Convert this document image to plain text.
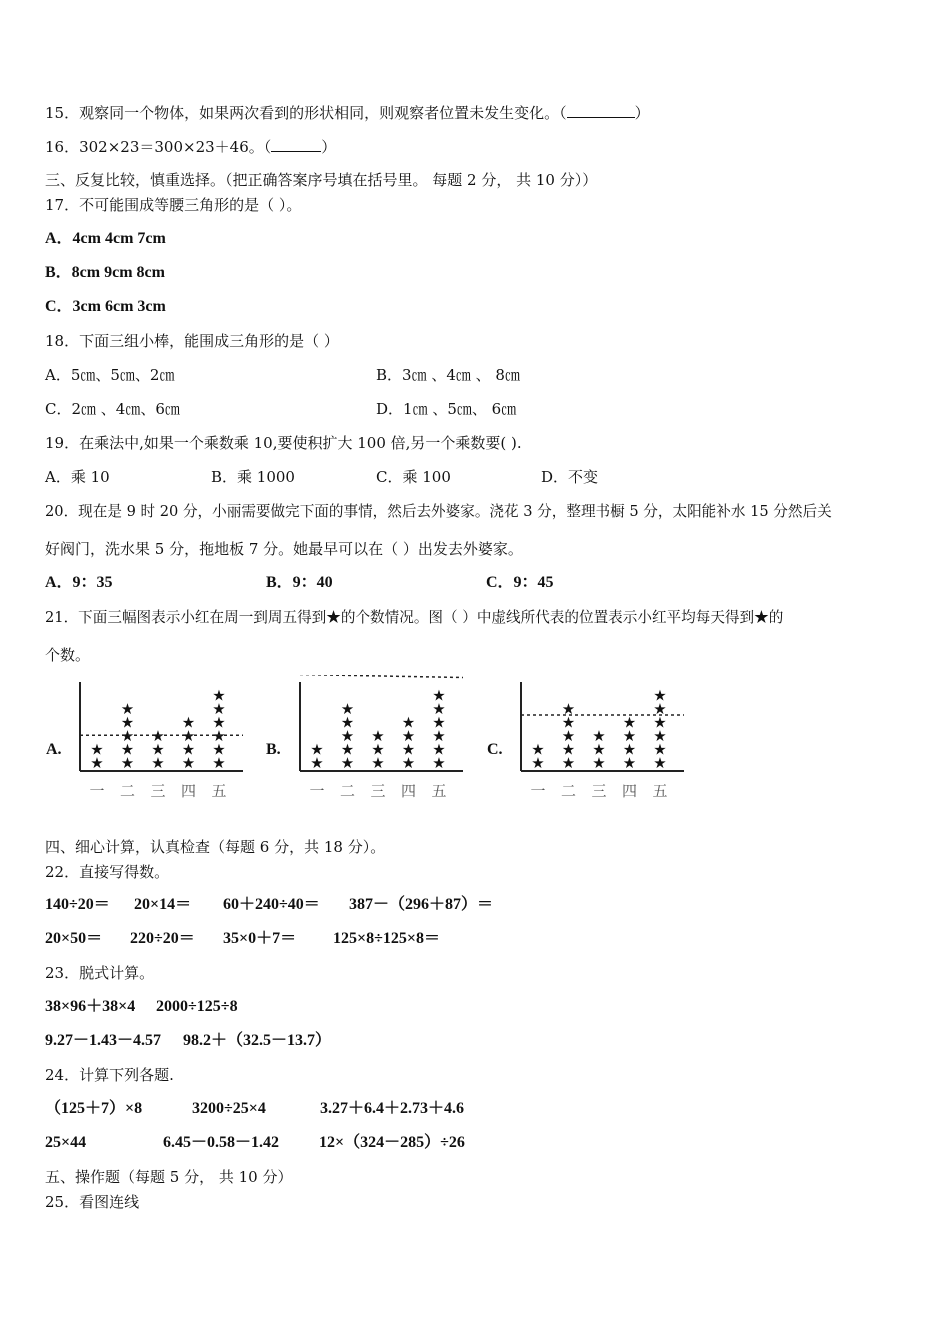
15．观察同一个物体，如果两次看到的形状相同，则观察者位置未发生变化。（	）
16．302×23＝300×23＋46。（	）
三、反复比较，慎重选择。（把正确答案序号填在括号里。 每题 2 分， 共 10 分））
17．不可能围成等腰三角形的是（ ）。
A．4cm 4cm 7cm
B．8cm 9cm 8cm
C．3cm 6cm 3cm
18．下面三组小棒，能围成三角形的是（ ）
A．5㎝、5㎝、2㎝	B．3㎝ 、4㎝ 、 8㎝
C．2㎝ 、4㎝、6㎝	D．1㎝ 、5㎝、 6㎝
19．在乘法中,如果一个乘数乘 10,要使积扩大 100 倍,另一个乘数要( ).
A．乘 10	B．乘 1000	C．乘 100	D．不变
20．现在是 9 时 20 分，小丽需要做完下面的事情，然后去外婆家。浇花 3 分，整理书橱 5 分，太阳能补水 15 分然后关
好阀门，洗水果 5 分，拖地板 7 分。她最早可以在（ ）出发去外婆家。
A．9：35	B．9：40	C．9：45
21．下面三幅图表示小红在周一到周五得到★的个数情况。图（ ）中虚线所代表的位置表示小红平均每天得到★的
个数。
A.	B.	C.
★
★
一
★
★
★
★
★
二
★
★
★
三
★
★
★
★
四
★
★
★
★
★
★
五
★
★
一
★
★
★
★
★
二
★
★
★
三
★
★
★
★
四
★
★
★
★
★
★
五
★
★
一
★
★
★
★
★
二
★
★
★
三
★
★
★
★
四
★
★
★
★
★
★
五
四、细心计算，认真检查（每题 6 分，共 18 分）。
22．直接写得数。
140÷20＝ 20×14＝ 60＋240÷40＝ 387－（296＋87）＝
20×50＝ 220÷20＝ 35×0＋7＝ 125×8÷125×8＝
23．脱式计算。
38×96＋38×4 2000÷125÷8
9.27－1.43－4.57 98.2＋（32.5－13.7）
24．计算下列各题.
（125＋7）×8	3200÷25×4	3.27＋6.4＋2.73＋4.6
25×44	6.45－0.58－1.42 12×（324－285）÷26
五、操作题（每题 5 分， 共 10 分）
25．看图连线
